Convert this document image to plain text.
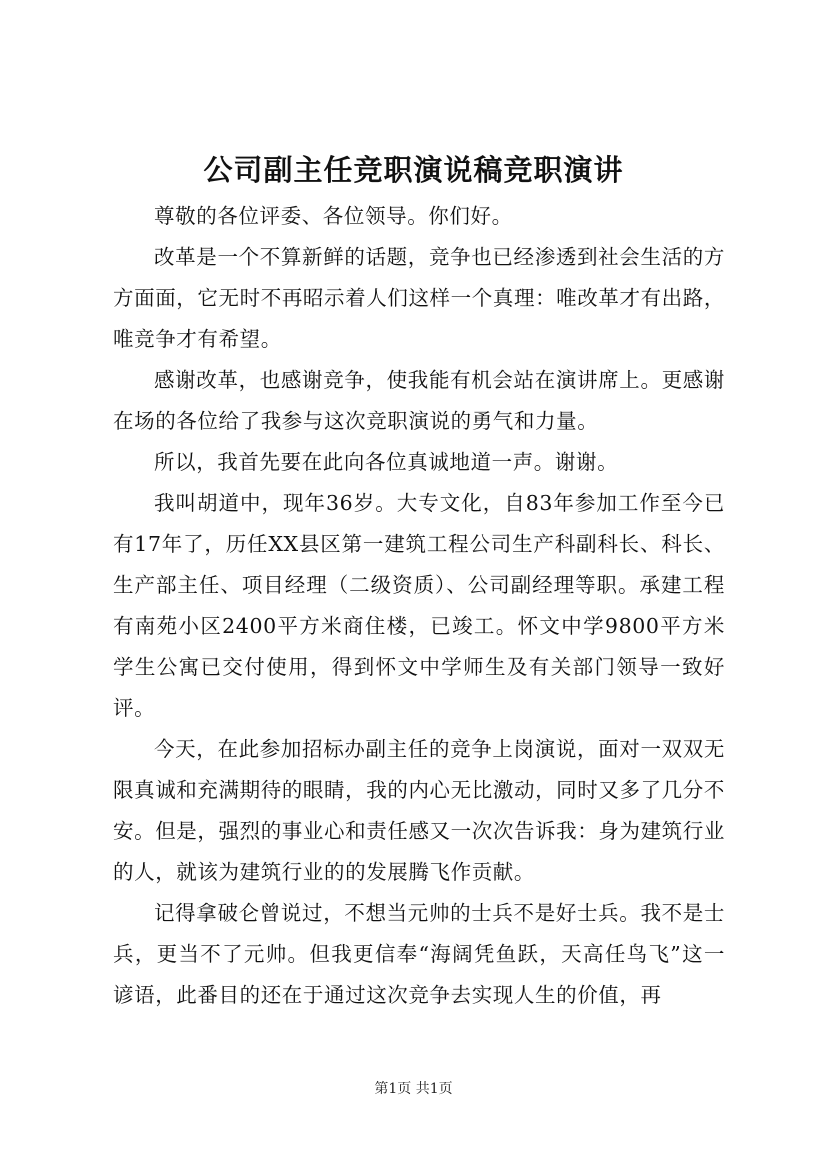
公司副主任竞职演说稿竞职演讲

尊敬的各位评委、各位领导。你们好。

改革是一个不算新鲜的话题，竞争也已经渗透到社会生活的方方面面，它无时不再昭示着人们这样一个真理：唯改革才有出路，唯竞争才有希望。

感谢改革，也感谢竞争，使我能有机会站在演讲席上。更感谢在场的各位给了我参与这次竞职演说的勇气和力量。

所以，我首先要在此向各位真诚地道一声。谢谢。

我叫胡道中，现年36岁。大专文化，自83年参加工作至今已有17年了，历任XX县区第一建筑工程公司生产科副科长、科长、生产部主任、项目经理（二级资质）、公司副经理等职。承建工程有南苑小区2400平方米商住楼，已竣工。怀文中学9800平方米学生公寓已交付使用，得到怀文中学师生及有关部门领导一致好评。

今天，在此参加招标办副主任的竞争上岗演说，面对一双双无限真诚和充满期待的眼睛，我的内心无比激动，同时又多了几分不安。但是，强烈的事业心和责任感又一次次告诉我：身为建筑行业的人，就该为建筑行业的的发展腾飞作贡献。

记得拿破仑曾说过，不想当元帅的士兵不是好士兵。我不是士兵，更当不了元帅。但我更信奉“海阔凭鱼跃，天高任鸟飞”这一谚语，此番目的还在于通过这次竞争去实现人生的价值，再

第1页 共1页
